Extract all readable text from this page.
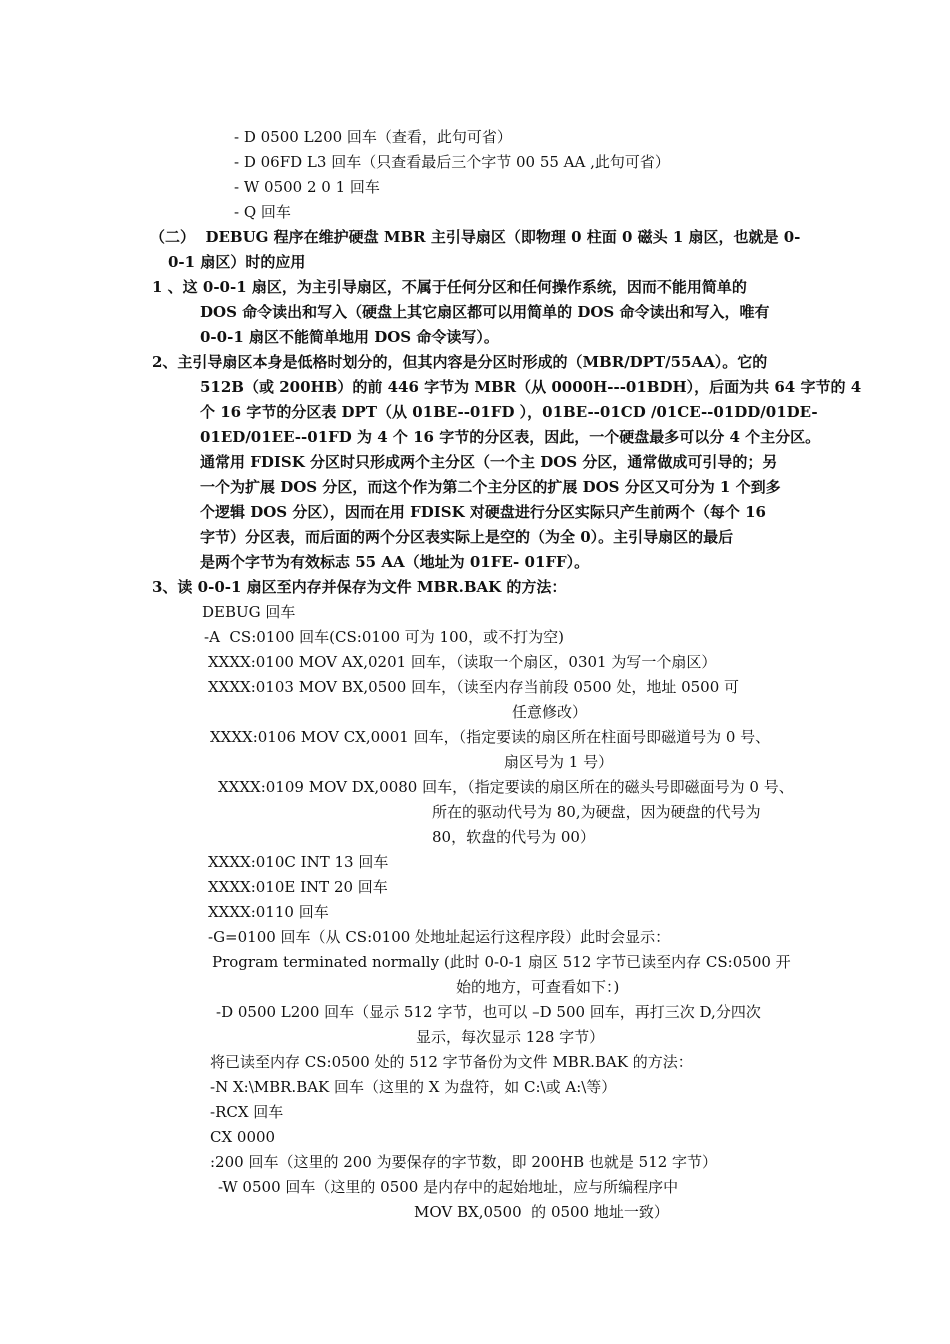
- D 0500 L200 回车（查看，此句可省）
- D 06FD L3 回车（只查看最后三个字节 00 55 AA ,此句可省）
- W 0500 2 0 1 回车
- Q 回车
（二）  DEBUG 程序在维护硬盘 MBR 主引导扇区（即物理 0 柱面 0 磁头 1 扇区，也就是 0-
0-1 扇区）时的应用
1 、这 0-0-1 扇区，为主引导扇区，不属于任何分区和任何操作系统，因而不能用简单的
DOS 命令读出和写入（硬盘上其它扇区都可以用简单的 DOS 命令读出和写入，唯有
0-0-1 扇区不能简单地用 DOS 命令读写）。
2、主引导扇区本身是低格时划分的，但其内容是分区时形成的（MBR/DPT/55AA）。它的
512B（或 200HB）的前 446 字节为 MBR（从 0000H---01BDH），后面为共 64 字节的 4
个 16 字节的分区表 DPT（从 01BE--01FD ），01BE--01CD /01CE--01DD/01DE-
01ED/01EE--01FD 为 4 个 16 字节的分区表，因此，一个硬盘最多可以分 4 个主分区。
通常用 FDISK 分区时只形成两个主分区（一个主 DOS 分区，通常做成可引导的；另
一个为扩展 DOS 分区，而这个作为第二个主分区的扩展 DOS 分区又可分为 1 个到多
个逻辑 DOS 分区），因而在用 FDISK 对硬盘进行分区实际只产生前两个（每个 16
字节）分区表，而后面的两个分区表实际上是空的（为全 0）。主引导扇区的最后
是两个字节为有效标志 55 AA（地址为 01FE- 01FF）。
3、读 0-0-1 扇区至内存并保存为文件 MBR.BAK 的方法：
DEBUG 回车
-A  CS:0100 回车(CS:0100 可为 100，或不打为空)
XXXX:0100 MOV AX,0201 回车，（读取一个扇区，0301 为写一个扇区）
XXXX:0103 MOV BX,0500 回车，（读至内存当前段 0500 处，地址 0500 可
任意修改）
XXXX:0106 MOV CX,0001 回车，（指定要读的扇区所在柱面号即磁道号为 0 号、
扇区号为 1 号）
XXXX:0109 MOV DX,0080 回车，（指定要读的扇区所在的磁头号即磁面号为 0 号、
所在的驱动代号为 80,为硬盘，因为硬盘的代号为
80，软盘的代号为 00）
XXXX:010C INT 13 回车
XXXX:010E INT 20 回车
XXXX:0110 回车
-G=0100 回车（从 CS:0100 处地址起运行这程序段）此时会显示：
Program terminated normally (此时 0-0-1 扇区 512 字节已读至内存 CS:0500 开
始的地方，可查看如下：)
-D 0500 L200 回车（显示 512 字节，也可以 –D 500 回车，再打三次 D,分四次
显示，每次显示 128 字节）
将已读至内存 CS:0500 处的 512 字节备份为文件 MBR.BAK 的方法：
-N X:\MBR.BAK 回车（这里的 X 为盘符，如 C:\或 A:\等）
-RCX 回车
CX 0000
:200 回车（这里的 200 为要保存的字节数，即 200HB 也就是 512 字节）
-W 0500 回车（这里的 0500 是内存中的起始地址，应与所编程序中
MOV BX,0500  的 0500 地址一致）
